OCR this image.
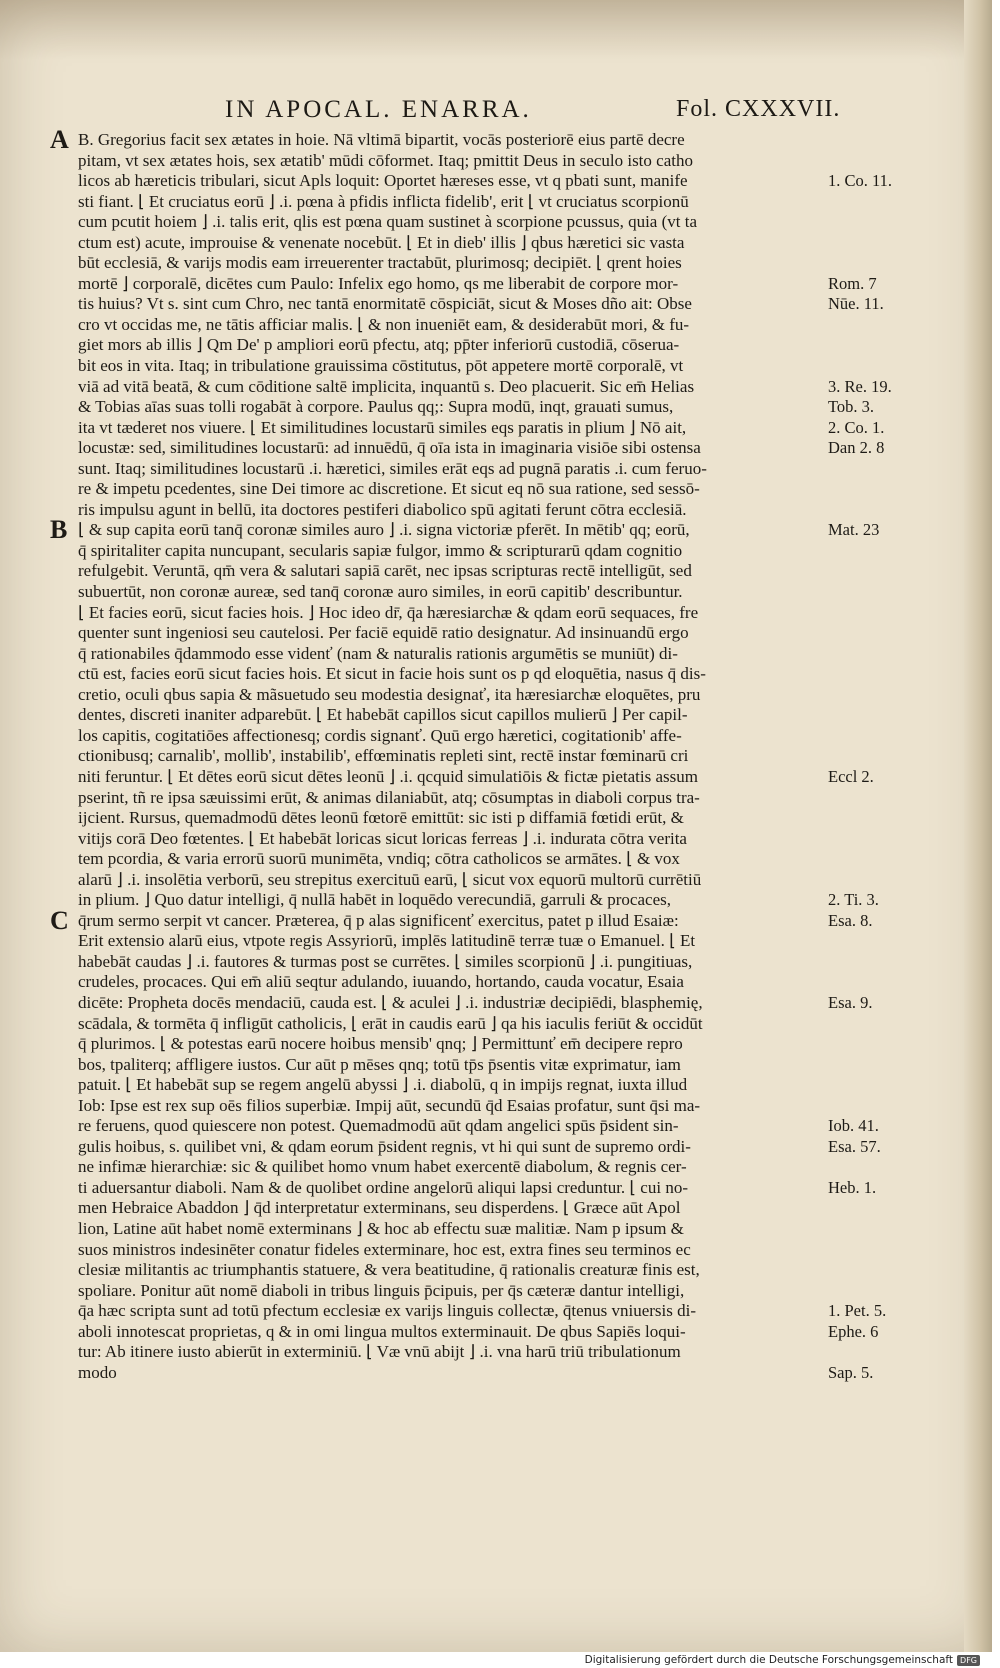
IN APOCAL. ENARRA.	Fol. CXXXVII.
B. Gregorius facit sex ætates in hoie. Nā vltimā bipartit, vocās posteriorē eius partē decre
pitam, vt sex ætates hois, sex ætatib' mūdi cōformet. Itaq; pmittit Deus in seculo isto catho
licos ab hæreticis tribulari, sicut Apls loquit: Oportet hæreses esse, vt q pbati sunt, manife
sti fiant. ⌊ Et cruciatus eorū ⌋ .i. pœna à pfidis inflicta fidelib', erit ⌊ vt cruciatus scorpionū
cum pcutit hoiem ⌋ .i. talis erit, qlis est pœna quam sustinet à scorpione pcussus, quia (vt ta
ctum est) acute, improuise & venenate nocebūt. ⌊ Et in dieb' illis ⌋ qbus hæretici sic vasta
būt ecclesiā, & varijs modis eam irreuerenter tractabūt, plurimosq; decipiēt. ⌊ qrent hoies
mortē ⌋ corporalē, dicētes cum Paulo: Infelix ego homo, qs me liberabit de corpore mor-
tis huius? Vt s. sint cum Chro, nec tantā enormitatē cōspiciāt, sicut & Moses dño ait: Obse
cro vt occidas me, ne tātis afficiar malis. ⌊ & non inueniēt eam, & desiderabūt mori, & fu-
giet mors ab illis ⌋ Qm De' p ampliori eorū pfectu, atq; pp̄ter inferiorū custodiā, cōserua-
bit eos in vita. Itaq; in tribulatione grauissima cōstitutus, pōt appetere mortē corporalē, vt
viā ad vitā beatā, & cum cōditione saltē implicita, inquantū s. Deo placuerit. Sic em̄ Helias
& Tobias aīas suas tolli rogabāt à corpore. Paulus qq;: Supra modū, inqt, grauati sumus,
ita vt tæderet nos viuere. ⌊ Et similitudines locustarū similes eqs paratis in plium ⌋ Nō ait,
locustæ: sed, similitudines locustarū: ad innuēdū, q̄ oīa ista in imaginaria visiōe sibi ostensa
sunt. Itaq; similitudines locustarū .i. hæretici, similes erāt eqs ad pugnā paratis .i. cum feruo-
re & impetu pcedentes, sine Dei timore ac discretione. Et sicut eq nō sua ratione, sed sessō-
ris impulsu agunt in bellū, ita doctores pestiferi diabolico spū agitati ferunt cōtra ecclesiā.
⌊ & sup capita eorū tanq̄ coronæ similes auro ⌋ .i. signa victoriæ pferēt. In mētib' qq; eorū,
q̄ spiritaliter capita nuncupant, secularis sapiæ fulgor, immo & scripturarū qdam cognitio
refulgebit. Veruntā, qm̄ vera & salutari sapiā carēt, nec ipsas scripturas rectē intelligūt, sed
subuertūt, non coronæ aureæ, sed tanq̄ coronæ auro similes, in eorū capitib' describuntur.
⌊ Et facies eorū, sicut facies hois. ⌋ Hoc ideo dr̄, q̄a hæresiarchæ & qdam eorū sequaces, fre
quenter sunt ingeniosi seu cautelosi. Per faciē equidē ratio designatur. Ad insinuandū ergo
q̄ rationabiles q̄dammodo esse videnť (nam & naturalis rationis argumētis se muniūt) di-
ctū est, facies eorū sicut facies hois. Et sicut in facie hois sunt os p qd eloquētia, nasus q̄ dis-
cretio, oculi qbus sapia & mãsuetudo seu modestia designať, ita hæresiarchæ eloquētes, pru
dentes, discreti inaniter adparebūt. ⌊ Et habebāt capillos sicut capillos mulierū ⌋ Per capil-
los capitis, cogitatiōes affectionesq; cordis signanť. Quū ergo hæretici, cogitationib' affe-
ctionibusq; carnalib', mollib', instabilib', effœminatis repleti sint, rectē instar fœminarū cri
niti feruntur. ⌊ Et dētes eorū sicut dētes leonū ⌋ .i. qcquid simulatiōis & fictæ pietatis assum
pserint, tñ re ipsa sæuissimi erūt, & animas dilaniabūt, atq; cōsumptas in diaboli corpus tra-
ijcient. Rursus, quemadmodū dētes leonū fœtorē emittūt: sic isti p diffamiā fœtidi erūt, &
vitijs corā Deo fœtentes. ⌊ Et habebāt loricas sicut loricas ferreas ⌋ .i. indurata cōtra verita
tem pcordia, & varia errorū suorū munimēta, vndiq; cōtra catholicos se armātes. ⌊ & vox
alarū ⌋ .i. insolētia verborū, seu strepitus exercituū earū, ⌊ sicut vox equorū multorū currētiū
in plium. ⌋ Quo datur intelligi, q̄ nullā habēt in loquēdo verecundiā, garruli & procaces,
q̄rum sermo serpit vt cancer. Præterea, q̄ p alas significenť exercitus, patet p illud Esaiæ:
Erit extensio alarū eius, vtpote regis Assyriorū, implēs latitudinē terræ tuæ o Emanuel. ⌊ Et
habebāt caudas ⌋ .i. fautores & turmas post se currētes. ⌊ similes scorpionū ⌋ .i. pungitiuas,
crudeles, procaces. Qui em̄ aliū seqtur adulando, iuuando, hortando, cauda vocatur, Esaia
dicēte: Propheta docēs mendaciū, cauda est. ⌊ & aculei ⌋ .i. industriæ decipiēdi, blasphemię,
scādala, & tormēta q̄ infligūt catholicis, ⌊ erāt in caudis earū ⌋ qa his iaculis feriūt & occidūt
q̄ plurimos. ⌊ & potestas earū nocere hoibus mensib' qnq; ⌋ Permittunť em̄ decipere repro
bos, tpaliterq; affligere iustos. Cur aūt p mēses qnq; totū tp̄s p̄sentis vitæ exprimatur, iam
patuit. ⌊ Et habebāt sup se regem angelū abyssi ⌋ .i. diabolū, q in impijs regnat, iuxta illud
Iob: Ipse est rex sup oēs filios superbiæ. Impij aūt, secundū q̄d Esaias profatur, sunt q̄si ma-
re feruens, quod quiescere non potest. Quemadmodū aūt qdam angelici spūs p̄sident sin-
gulis hoibus, s. quilibet vni, & qdam eorum p̄sident regnis, vt hi qui sunt de supremo ordi-
ne infimæ hierarchiæ: sic & quilibet homo vnum habet exercentē diabolum, & regnis cer-
ti aduersantur diaboli. Nam & de quolibet ordine angelorū aliqui lapsi creduntur. ⌊ cui no-
men Hebraice Abaddon ⌋ q̄d interpretatur exterminans, seu disperdens. ⌊ Græce aūt Apol
lion, Latine aūt habet nomē exterminans ⌋ & hoc ab effectu suæ malitiæ. Nam p ipsum &
suos ministros indesinēter conatur fideles exterminare, hoc est, extra fines seu terminos ec
clesiæ militantis ac triumphantis statuere, & vera beatitudine, q̄ rationalis creaturæ finis est,
spoliare. Ponitur aūt nomē diaboli in tribus linguis p̄cipuis, per q̄s cæteræ dantur intelligi,
q̄a hæc scripta sunt ad totū pfectum ecclesiæ ex varijs linguis collectæ, q̄tenus vniuersis di-
aboli innotescat proprietas, q & in omi lingua multos exterminauit. De qbus Sapiēs loqui-
tur: Ab itinere iusto abierūt in exterminiū. ⌊ Væ vnū abijt ⌋ .i. vna harū triū tribulationum
modo
A
B
C
1. Co. 11.
Rom. 7
Nūe. 11.
3. Re. 19.
Tob. 3.
2. Co. 1.
Dan 2. 8
Mat. 23
Eccl 2.
2. Ti. 3.
Esa. 8.
Esa. 9.
Iob. 41.
Esa. 57.
Heb. 1.
1. Pet. 5.
Ephe. 6
Sap. 5.
Digitalisierung gefördert durch die Deutsche Forschungsgemeinschaft DFG
